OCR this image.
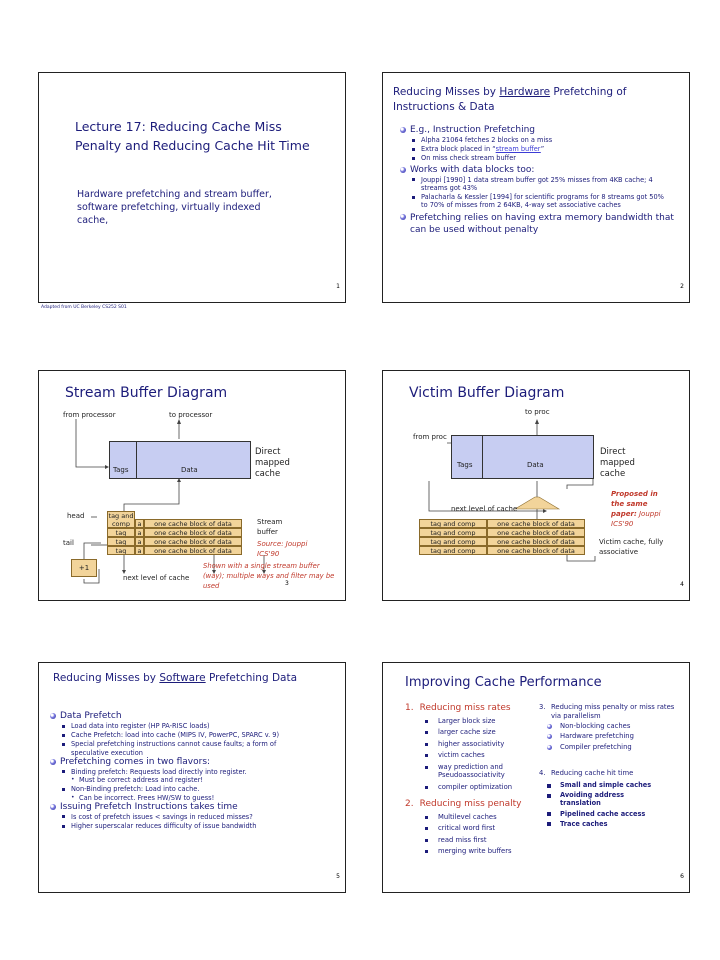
Lecture 17: Reducing Cache Miss Penalty and Reducing Cache Hit Time
Hardware prefetching and stream buffer, software prefetching, virtually indexed cache,
1
Adapted from UC Berkeley CS252 S01
Reducing Misses by Hardware Prefetching of Instructions & Data
E.g., Instruction Prefetching
Alpha 21064 fetches 2 blocks on a miss
Extra block placed in “stream buffer”
On miss check stream buffer
Works with data blocks too:
Jouppi [1990] 1 data stream buffer got 25% misses from 4KB cache; 4 streams got 43%
Palacharla & Kessler [1994] for scientific programs for 8 streams got 50% to 70% of misses from 2 64KB, 4-way set associative caches
Prefetching relies on having extra memory bandwidth that can be used without penalty
2
Stream Buffer Diagram
from processor	to processor
Tags	Data
Direct mapped cache
head
tail
tag and comp	a	one cache block of data
tag	a	one cache block of data
tag	a	one cache block of data
tag	a	one cache block of data
Stream buffer
Source: Jouppi ICS'90
+1
next level of cache
Shown with a single stream buffer (way); multiple ways and filter may be used	3
Victim Buffer Diagram
to proc
from proc
Tags	Data
Direct mapped cache
next level of cache
Proposed in the same paper: Jouppi ICS'90
tag and comp	one cache block of data
tag and comp	one cache block of data
tag and comp	one cache block of data
tag and comp	one cache block of data
Victim cache, fully associative
4
Reducing Misses by Software Prefetching Data
Data Prefetch
Load data into register (HP PA-RISC loads)
Cache Prefetch: load into cache (MIPS IV, PowerPC, SPARC v. 9)
Special prefetching instructions cannot cause faults; a form of speculative execution
Prefetching comes in two flavors:
Binding prefetch: Requests load directly into register.
• Must be correct address and register!
Non-Binding prefetch: Load into cache.
• Can be incorrect. Frees HW/SW to guess!
Issuing Prefetch Instructions takes time
Is cost of prefetch issues < savings in reduced misses?
Higher superscalar reduces difficulty of issue bandwidth
5
Improving Cache Performance
1. Reducing miss rates
Larger block size
larger cache size
higher associativity
victim caches
way prediction and Pseudoassociativity
compiler optimization
2. Reducing miss penalty
Multilevel caches
critical word first
read miss first
merging write buffers
3. Reducing miss penalty or miss rates via parallelism
Non-blocking caches
Hardware prefetching
Compiler prefetching
4. Reducing cache hit time
Small and simple caches
Avoiding address translation
Pipelined cache access
Trace caches
6
